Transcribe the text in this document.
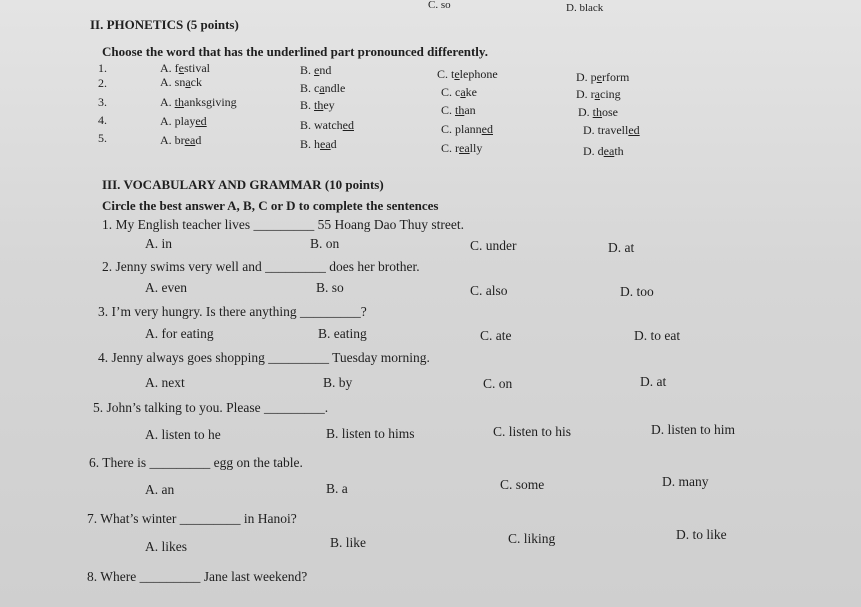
C. so	D. black
II. PHONETICS (5 points)
Choose the word that has the underlined part pronounced differently.
1.	A. festival	B. end	C. telephone	D. perform
2.	A. snack	B. candle	C. cake	D. racing
3.	A. thanksgiving	B. they	C. than	D. those
4.	A. played	B. watched	C. planned	D. travelled
5.	A. bread	B. head	C. really	D. death
III. VOCABULARY AND GRAMMAR (10 points)
Circle the best answer A, B, C or D to complete the sentences
1. My English teacher lives _________ 55 Hoang Dao Thuy street.
A. in	B. on	C. under	D. at
2. Jenny swims very well and _________ does her brother.
A. even	B. so	C. also	D. too
3. I’m very hungry. Is there anything _________?
A. for eating	B. eating	C. ate	D. to eat
4. Jenny always goes shopping _________ Tuesday morning.
A. next	B. by	C. on	D. at
5. John’s talking to you. Please _________.
A. listen to he	B. listen to hims	C. listen to his	D. listen to him
6. There is _________ egg on the table.
A. an	B. a	C. some	D. many
7. What’s winter _________ in Hanoi?
A. likes	B. like	C. liking	D. to like
8. Where _________ Jane last weekend?
